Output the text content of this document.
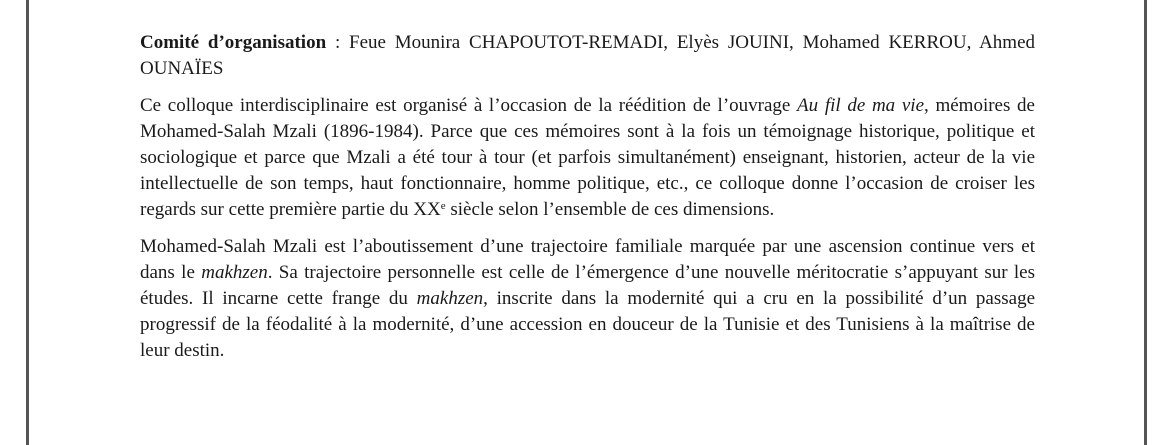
Comité d’organisation : Feue Mounira CHAPOUTOT-REMADI, Elyès JOUINI, Mohamed KERROU, Ahmed OUNAÏES

Ce colloque interdisciplinaire est organisé à l’occasion de la réédition de l’ouvrage Au fil de ma vie, mémoires de Mohamed-Salah Mzali (1896-1984). Parce que ces mémoires sont à la fois un témoignage historique, politique et sociologique et parce que Mzali a été tour à tour (et parfois simultanément) enseignant, historien, acteur de la vie intellectuelle de son temps, haut fonctionnaire, homme politique, etc., ce colloque donne l’occasion de croiser les regards sur cette première partie du XXe siècle selon l’ensemble de ces dimensions.

Mohamed-Salah Mzali est l’aboutissement d’une trajectoire familiale marquée par une ascension continue vers et dans le makhzen. Sa trajectoire personnelle est celle de l’émergence d’une nouvelle méritocratie s’appuyant sur les études. Il incarne cette frange du makhzen, inscrite dans la modernité qui a cru en la possibilité d’un passage progressif de la féodalité à la modernité, d’une accession en douceur de la Tunisie et des Tunisiens à la maîtrise de leur destin.
